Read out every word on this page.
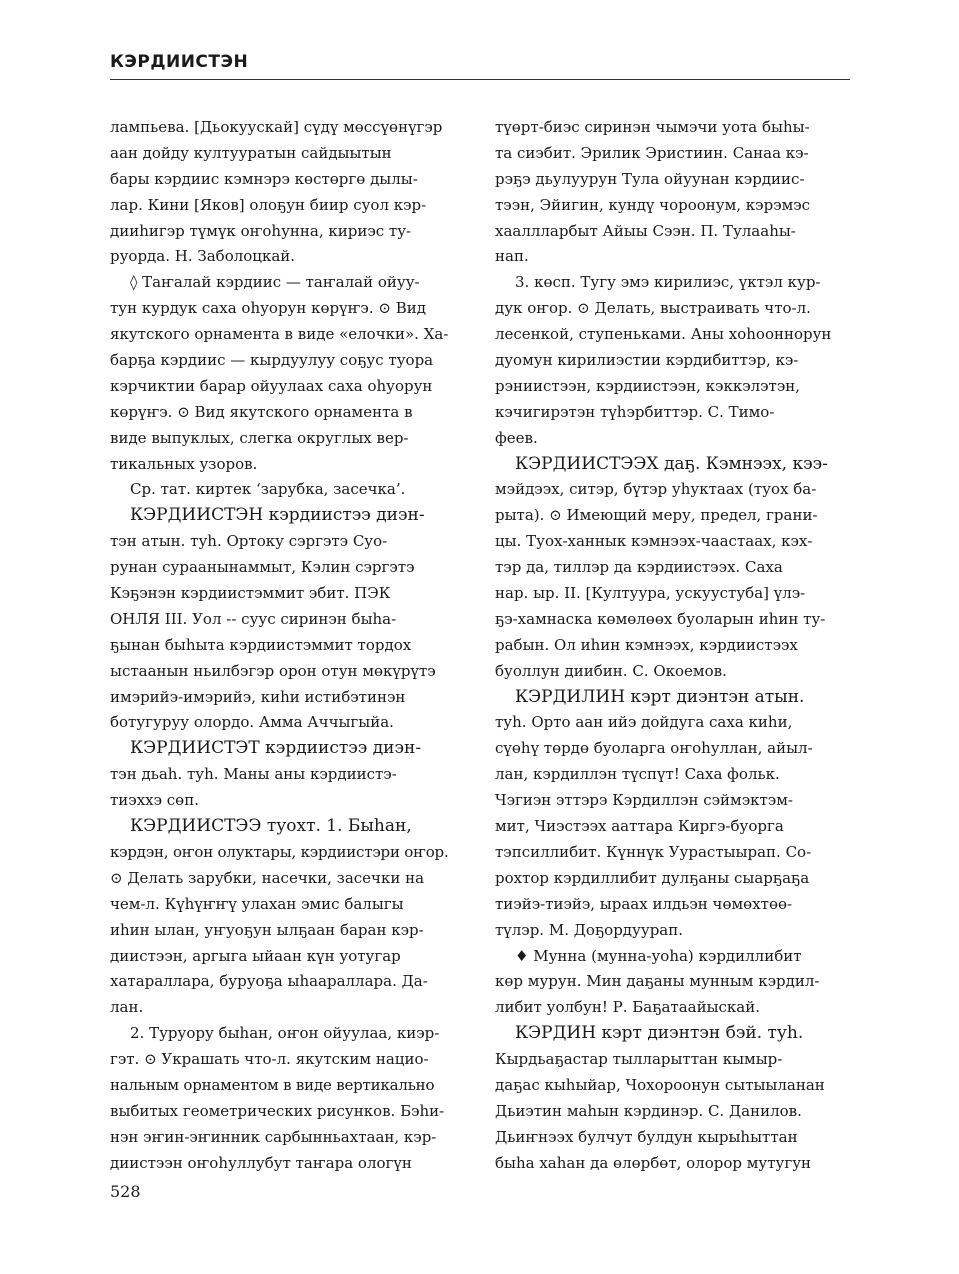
КЭРДИИСТЭН
лампьева. [Дьокуускай] сүдү мөссүөнүгэр
аан дойду култууратын сайдыытын
бары кэрдиис кэмнэрэ көстөргө дылы-
лар. Кини [Яков] олоҕун биир суол кэр-
дииһигэр түмүк оҥоһунна, кириэс ту-
руорда. Н. Заболоцкай.
◊ Таҥалай кэрдиис — таҥалай ойуу-
тун курдук саха оһуорун көрүҥэ. ⊙ Вид
якутского орнамента в виде «елочки». Ха-
барҕа кэрдиис — кырдуулуу соҕус туора
кэрчиктии барар ойуулаах саха оһуорун
көрүҥэ. ⊙ Вид якутского орнамента в
виде выпуклых, слегка округлых вер-
тикальных узоров.
Ср. тат. киртек ‘зарубка, засечка’.
КЭРДИИСТЭН кэрдиистээ диэн-
тэн атын. туһ. Ортоку сэргэтэ Суо-
рунан сураанынаммыт, Кэлин сэргэтэ
Кэҕэнэн кэрдиистэммит эбит. ПЭК
ОНЛЯ III. Уол -- суус сиринэн быһа-
ҕынан быһыта кэрдиистэммит тордох
ыстаанын ньилбэгэр орон отун мөкүрүтэ
имэрийэ-имэрийэ, киһи истибэтинэн
ботугуруу олордо. Амма Аччыгыйа.
КЭРДИИСТЭТ кэрдиистээ диэн-
тэн дьаһ. туһ. Маны аны кэрдиистэ-
тиэххэ сөп.
КЭРДИИСТЭЭ туохт. 1. Быһан,
кэрдэн, оҥон олуктары, кэрдиистэри оҥор.
⊙ Делать зарубки, насечки, засечки на
чем-л. Күһүҥҥү улахан эмис балыгы
иһин ылан, уҥуоҕун ылҕаан баран кэр-
диистээн, аргыга ыйаан күн уотугар
хатараллара, буруоҕа ыһаараллара. Да-
лан.
2. Туруору быһан, оҥон ойуулаа, киэр-
гэт. ⊙ Украшать что-л. якутским нацио-
нальным орнаментом в виде вертикально
выбитых геометрических рисунков. Бэһи-
нэн эҥин-эҥинник сарбынньахтаан, кэр-
диистээн оҥоһуллубут таҥара ологүн
түөрт-биэс сиринэн чымэчи уота быһы-
та сиэбит. Эрилик Эристиин. Санаа кэ-
рэҕэ дьулуурун Тула ойуунан кэрдиис-
тээн, Эйигин, кундү чороонум, кэрэмэс
хааллларбыт Айыы Сээн. П. Тулааһы-
нап.
3. көсп. Тугу эмэ кирилиэс, үктэл кур-
дук оҥор. ⊙ Делать, выстраивать что-л.
лесенкой, ступеньками. Аны хоһооннорун
дуомун кирилиэстии кэрдибиттэр, кэ-
рэниистээн, кэрдиистээн, кэккэлэтэн,
кэчигирэтэн түһэрбиттэр. С. Тимо-
феев.
КЭРДИИСТЭЭХ даҕ. Кэмнээх, кээ-
мэйдээх, ситэр, бүтэр уһуктаах (туох ба-
рыта). ⊙ Имеющий меру, предел, грани-
цы. Туох-ханнык кэмнээх-чаастаах, кэх-
тэр да, тиллэр да кэрдиистээх. Саха
нар. ыр. II. [Култуура, ускуустуба] үлэ-
ҕэ-хамнаска көмөлөөх буоларын иһин ту-
рабын. Ол иһин кэмнээх, кэрдиистээх
буоллун диибин. С. Окоемов.
КЭРДИЛИН кэрт диэнтэн атын.
туһ. Орто аан ийэ дойдуга саха киһи,
сүөһү төрдө буоларга оҥоһуллан, айыл-
лан, кэрдиллэн түспүт! Саха фольк.
Чэгиэн эттэрэ Кэрдиллэн сэймэктэм-
мит, Чиэстээх ааттара Киргэ-буорга
тэпсиллибит. Күннүк Уурастыырап. Со-
рохтор кэрдиллибит дулҕаны сыарҕаҕа
тиэйэ-тиэйэ, ыраах илдьэн чөмөхтөө-
түлэр. М. Доҕордуурап.
♦ Мунна (мунна-уоһа) кэрдиллибит
көр мурун. Мин даҕаны мунным кэрдил-
либит уолбун! Р. Баҕатаайыскай.
КЭРДИН кэрт диэнтэн бэй. туһ.
Кырдьаҕастар тылларыттан кымыр-
даҕас кыһыйар, Чохороонун сытыыланан
Дьиэтин маһын кэрдинэр. С. Данилов.
Дьиҥнээх булчут булдун кырыһыттан
быһа хаһан да өлөрбөт, олорор мутугун
528
